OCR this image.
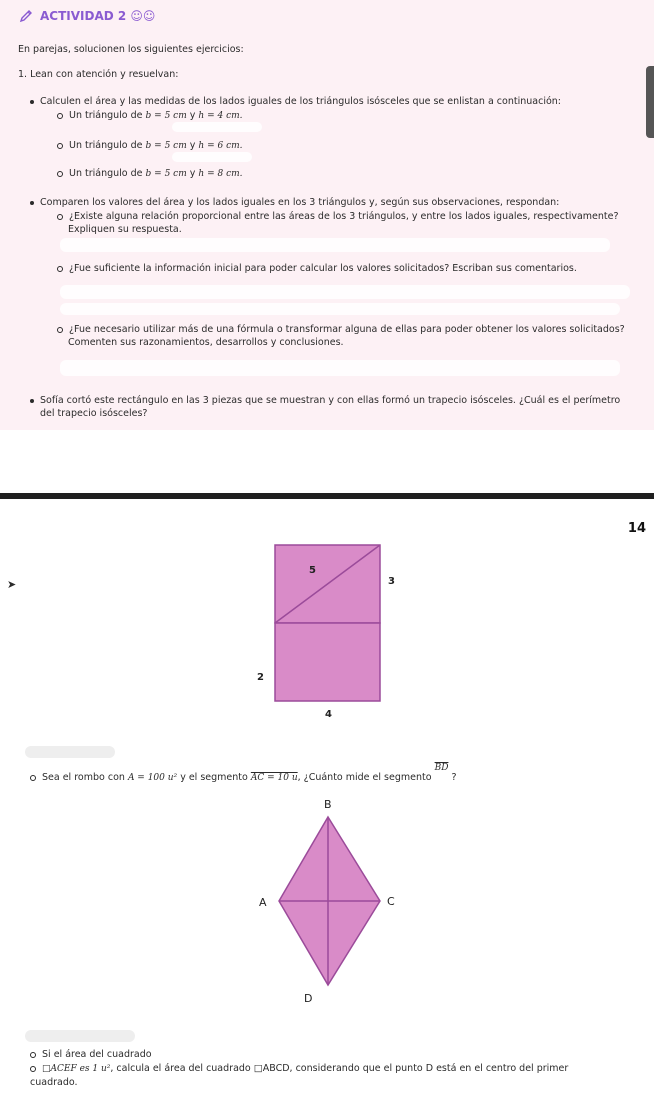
ACTIVIDAD 2 ☺☺
En parejas, solucionen los siguientes ejercicios:
1. Lean con atención y resuelvan:
Calculen el área y las medidas de los lados iguales de los triángulos isósceles que se enlistan a continuación:
Un triángulo de b = 5 cm y h = 4 cm.
Un triángulo de b = 5 cm y h = 6 cm.
Un triángulo de b = 5 cm y h = 8 cm.
Comparen los valores del área y los lados iguales en los 3 triángulos y, según sus observaciones, respondan:
¿Existe alguna relación proporcional entre las áreas de los 3 triángulos, y entre los lados iguales, respectivamente?
Expliquen su respuesta.
¿Fue suficiente la información inicial para poder calcular los valores solicitados? Escriban sus comentarios.
¿Fue necesario utilizar más de una fórmula o transformar alguna de ellas para poder obtener los valores solicitados?
Comenten sus razonamientos, desarrollos y conclusiones.
Sofía cortó este rectángulo en las 3 piezas que se muestran y con ellas formó un trapecio isósceles. ¿Cuál es el perímetro
del trapecio isósceles?
14
➤
5
3
2
4
Sea el rombo con A = 100 u² y el segmento AC = 10 u, ¿Cuánto mide el segmento $\overline{BD}$ ?
B
A	C
D
Si el área del cuadrado
□ACEF es 1 u², calcula el área del cuadrado □ABCD, considerando que el punto D está en el centro del primer
cuadrado.
